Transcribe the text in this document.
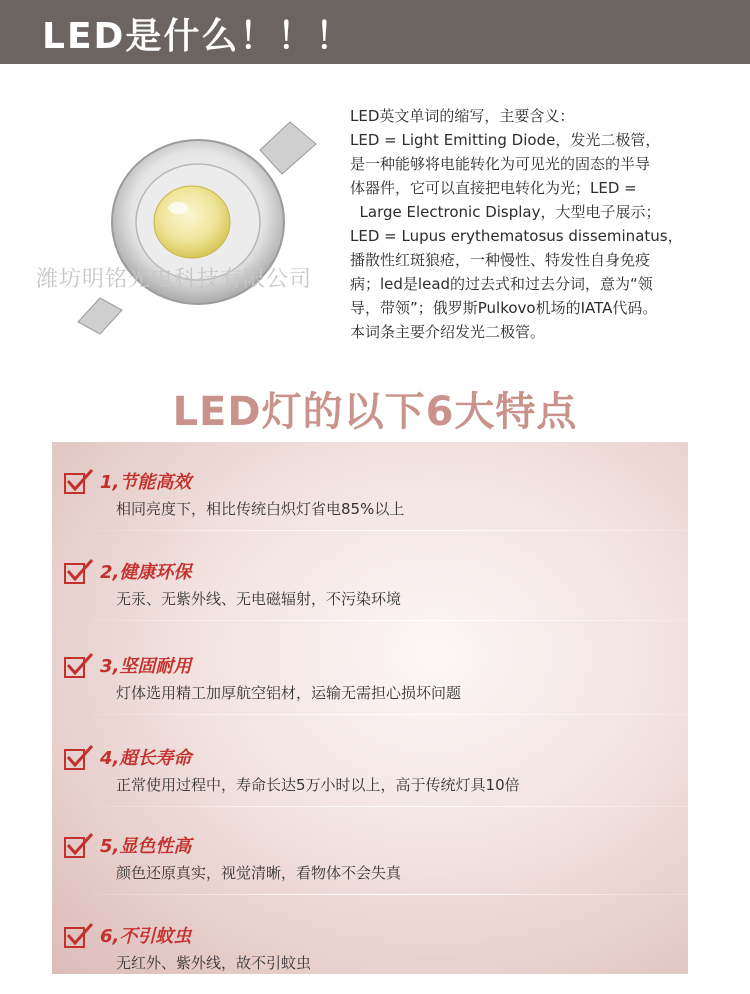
LED是什么！！！
潍坊明铭光电科技有限公司

LED英文单词的缩写，主要含义：

LED = Light Emitting Diode，发光二极管，

是一种能够将电能转化为可见光的固态的半导

体器件，它可以直接把电转化为光；LED =

Large Electronic Display，大型电子展示；

LED = Lupus erythematosus disseminatus，

播散性红斑狼疮，一种慢性、特发性自身免疫

病；led是lead的过去式和过去分词，意为“领

导，带领”；俄罗斯Pulkovo机场的IATA代码。

本词条主要介绍发光二极管。

LED灯的以下6大特点
1,节能高效
相同亮度下，相比传统白炽灯省电85%以上
2,健康环保
无汞、无紫外线、无电磁辐射，不污染环境
3,坚固耐用
灯体选用精工加厚航空铝材，运输无需担心损坏问题
4,超长寿命
正常使用过程中，寿命长达5万小时以上，高于传统灯具10倍
5,显色性高
颜色还原真实，视觉清晰，看物体不会失真
6,不引蚊虫
无红外、紫外线，故不引蚊虫
